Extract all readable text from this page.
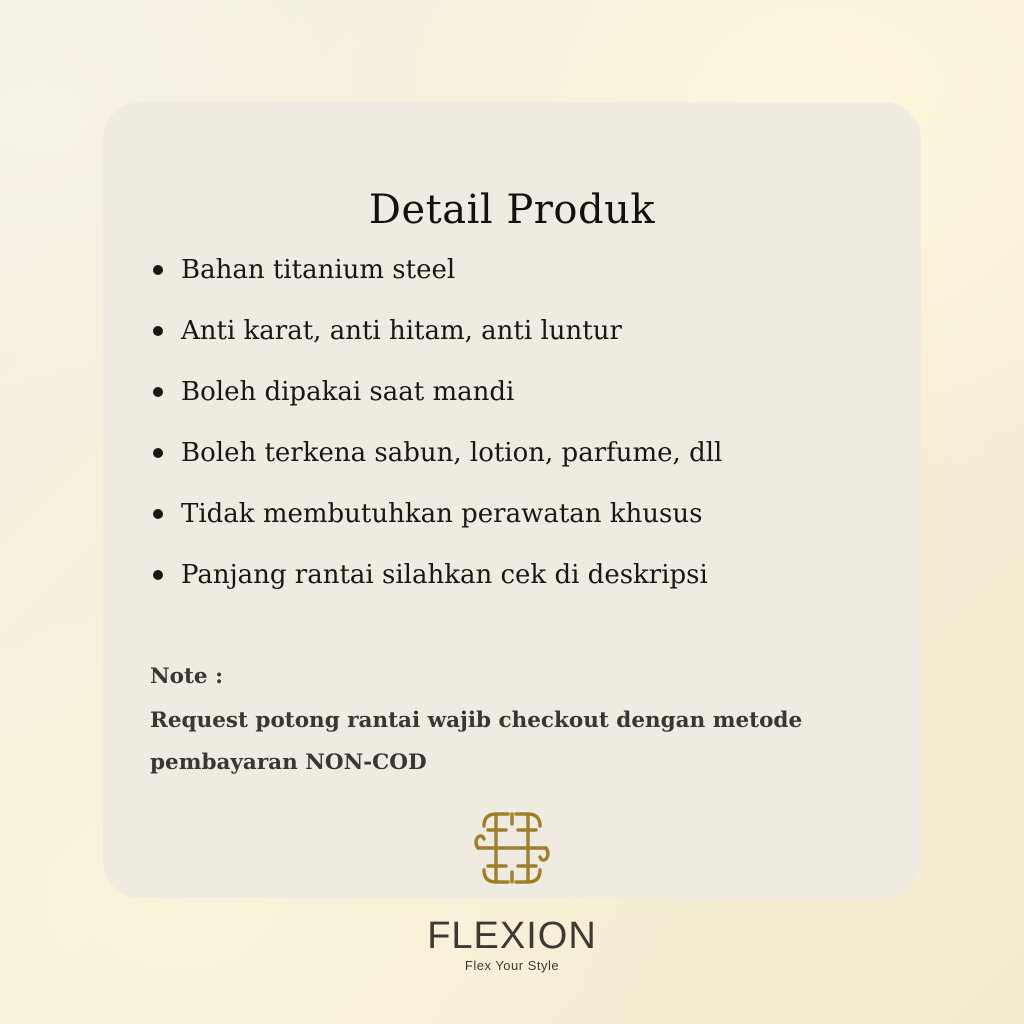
Detail Produk
Bahan titanium steel
Anti karat, anti hitam, anti luntur
Boleh dipakai saat mandi
Boleh terkena sabun, lotion, parfume, dll
Tidak membutuhkan perawatan khusus
Panjang rantai silahkan cek di deskripsi
Note :
Request potong rantai wajib checkout dengan metode pembayaran NON-COD
FLEXION
Flex Your Style
